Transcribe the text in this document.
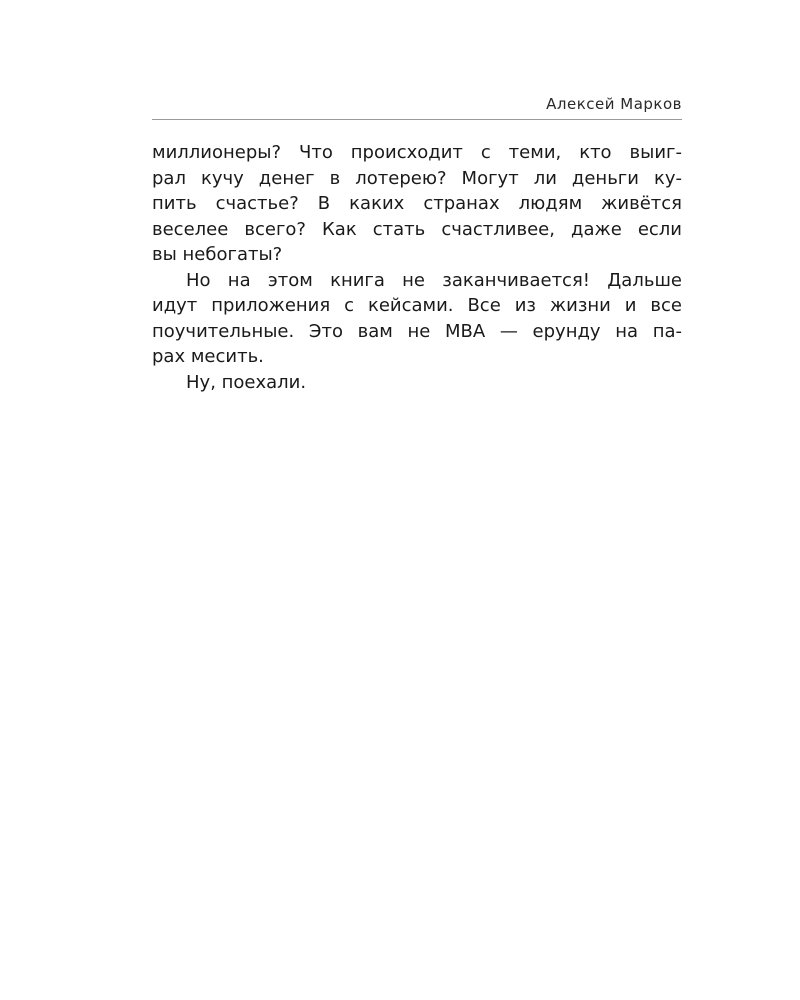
Алексей Марков
миллионеры? Что происходит с теми, кто выиг-
рал кучу денег в лотерею? Могут ли деньги ку-
пить счастье? В каких странах людям живётся
веселее всего? Как стать счастливее, даже если
вы небогаты?
Но на этом книга не заканчивается! Дальше
идут приложения с кейсами. Все из жизни и все
поучительные. Это вам не MBA — ерунду на па-
рах месить.
Ну, поехали.
